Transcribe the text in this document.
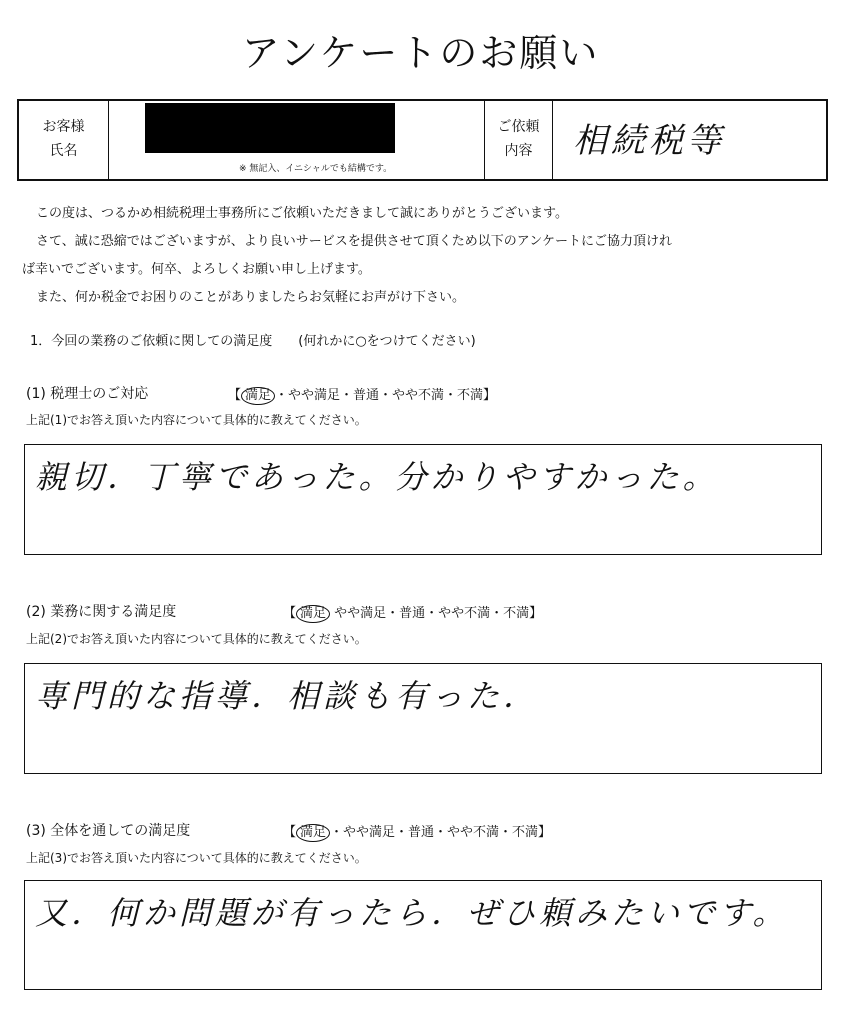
アンケートのお願い
お客様
氏名
※ 無記入、イニシャルでも結構です。
ご依頼
内容	相続税等
この度は、つるかめ相続税理士事務所にご依頼いただきまして誠にありがとうございます。
さて、誠に恐縮ではございますが、より良いサービスを提供させて頂くため以下のアンケートにご協力頂けれ
ば幸いでございます。何卒、よろしくお願い申し上げます。
また、何か税金でお困りのことがありましたらお気軽にお声がけ下さい。
1．今回の業務のご依頼に関しての満足度　　(何れかに○をつけてください)
(1) 税理士のご対応	【 満足 ・やや満足・普通・やや不満・不満】
上記(1)でお答え頂いた内容について具体的に教えてください。
親切．丁寧であった。分かりやすかった。
(2) 業務に関する満足度	【 満足 やや満足・普通・やや不満・不満】
上記(2)でお答え頂いた内容について具体的に教えてください。
専門的な指導．相談も有った．
(3) 全体を通しての満足度	【 満足 ・やや満足・普通・やや不満・不満】
上記(3)でお答え頂いた内容について具体的に教えてください。
又．何か問題が有ったら．ぜひ頼みたいです。
